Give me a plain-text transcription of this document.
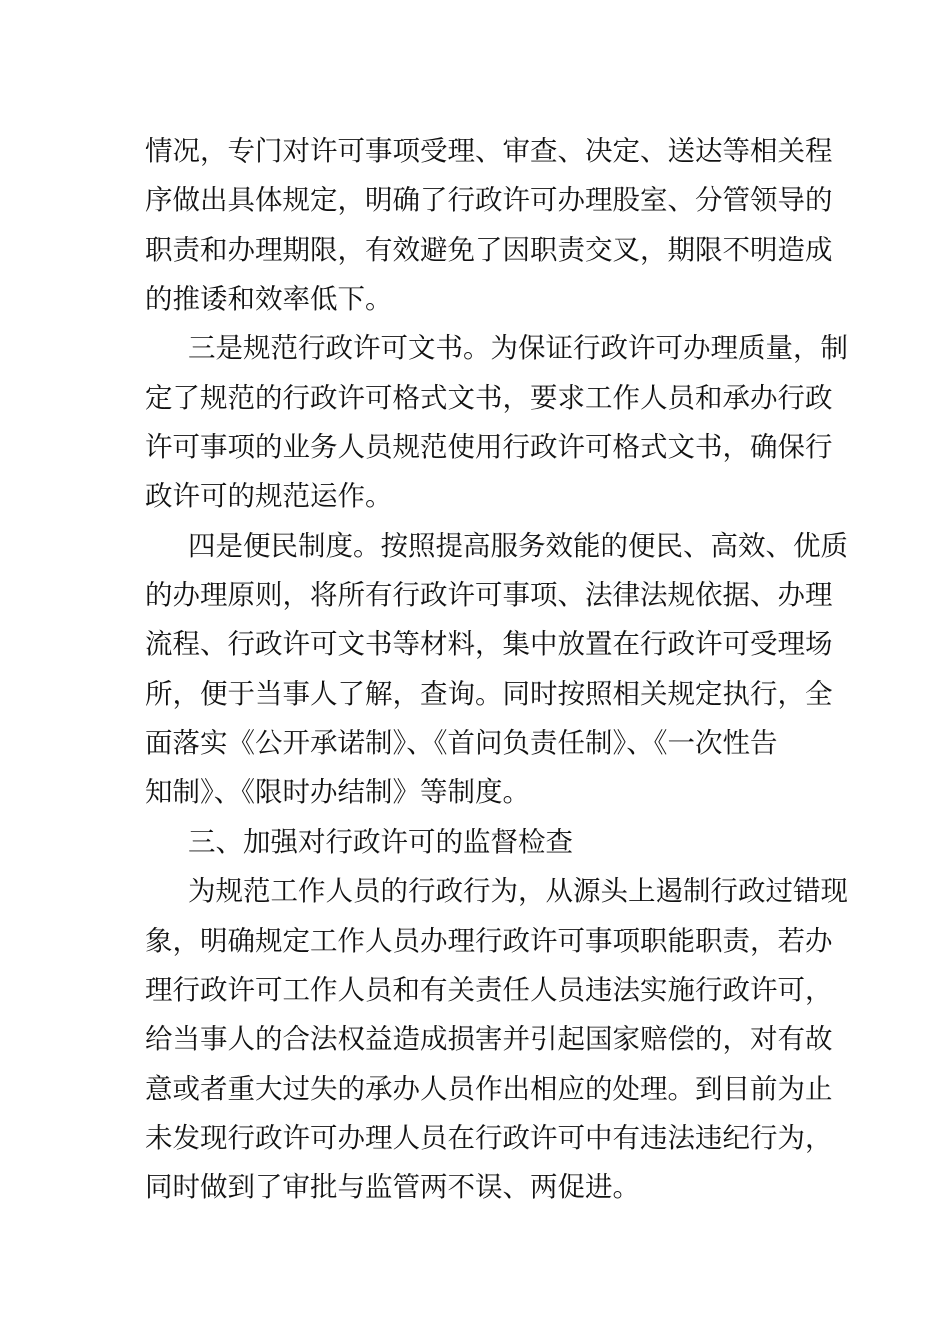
情况，专门对许可事项受理、审查、决定、送达等相关程
序做出具体规定，明确了行政许可办理股室、分管领导的
职责和办理期限，有效避免了因职责交叉，期限不明造成
的推诿和效率低下。
三是规范行政许可文书。为保证行政许可办理质量，制
定了规范的行政许可格式文书，要求工作人员和承办行政
许可事项的业务人员规范使用行政许可格式文书，确保行
政许可的规范运作。
四是便民制度。按照提高服务效能的便民、高效、优质
的办理原则，将所有行政许可事项、法律法规依据、办理
流程、行政许可文书等材料，集中放置在行政许可受理场
所，便于当事人了解，查询。同时按照相关规定执行，全
面落实《公开承诺制》、《首问负责任制》、《一次性告
知制》、《限时办结制》等制度。
三、加强对行政许可的监督检查
为规范工作人员的行政行为，从源头上遏制行政过错现
象，明确规定工作人员办理行政许可事项职能职责，若办
理行政许可工作人员和有关责任人员违法实施行政许可，
给当事人的合法权益造成损害并引起国家赔偿的，对有故
意或者重大过失的承办人员作出相应的处理。到目前为止
未发现行政许可办理人员在行政许可中有违法违纪行为，
同时做到了审批与监管两不误、两促进。
